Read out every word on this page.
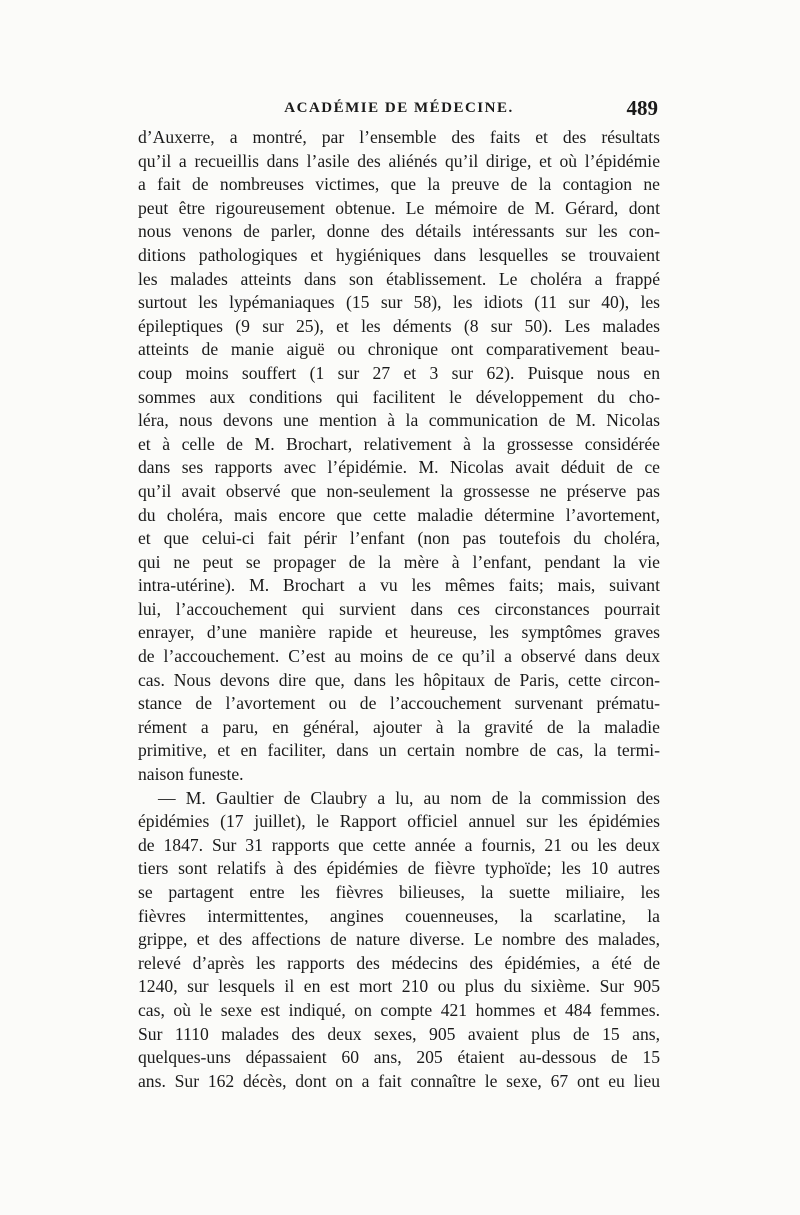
ACADÉMIE DE MÉDECINE.	489
d’Auxerre, a montré, par l’ensemble des faits et des résultats
qu’il a recueillis dans l’asile des aliénés qu’il dirige, et où l’épidémie
a fait de nombreuses victimes, que la preuve de la contagion ne
peut être rigoureusement obtenue. Le mémoire de M. Gérard, dont
nous venons de parler, donne des détails intéressants sur les con-
ditions pathologiques et hygiéniques dans lesquelles se trouvaient
les malades atteints dans son établissement. Le choléra a frappé
surtout les lypémaniaques (15 sur 58), les idiots (11 sur 40), les
épileptiques (9 sur 25), et les déments (8 sur 50). Les malades
atteints de manie aiguë ou chronique ont comparativement beau-
coup moins souffert (1 sur 27 et 3 sur 62). Puisque nous en
sommes aux conditions qui facilitent le développement du cho-
léra, nous devons une mention à la communication de M. Nicolas
et à celle de M. Brochart, relativement à la grossesse considérée
dans ses rapports avec l’épidémie. M. Nicolas avait déduit de ce
qu’il avait observé que non-seulement la grossesse ne préserve pas
du choléra, mais encore que cette maladie détermine l’avortement,
et que celui-ci fait périr l’enfant (non pas toutefois du choléra,
qui ne peut se propager de la mère à l’enfant, pendant la vie
intra-utérine). M. Brochart a vu les mêmes faits; mais, suivant
lui, l’accouchement qui survient dans ces circonstances pourrait
enrayer, d’une manière rapide et heureuse, les symptômes graves
de l’accouchement. C’est au moins de ce qu’il a observé dans deux
cas. Nous devons dire que, dans les hôpitaux de Paris, cette circon-
stance de l’avortement ou de l’accouchement survenant prématu-
rément a paru, en général, ajouter à la gravité de la maladie
primitive, et en faciliter, dans un certain nombre de cas, la termi-
naison funeste.
— M. Gaultier de Claubry a lu, au nom de la commission des
épidémies (17 juillet), le Rapport officiel annuel sur les épidémies
de 1847. Sur 31 rapports que cette année a fournis, 21 ou les deux
tiers sont relatifs à des épidémies de fièvre typhoïde; les 10 autres
se partagent entre les fièvres bilieuses, la suette miliaire, les
fièvres intermittentes, angines couenneuses, la scarlatine, la
grippe, et des affections de nature diverse. Le nombre des malades,
relevé d’après les rapports des médecins des épidémies, a été de
1240, sur lesquels il en est mort 210 ou plus du sixième. Sur 905
cas, où le sexe est indiqué, on compte 421 hommes et 484 femmes.
Sur 1110 malades des deux sexes, 905 avaient plus de 15 ans,
quelques-uns dépassaient 60 ans, 205 étaient au-dessous de 15
ans. Sur 162 décès, dont on a fait connaître le sexe, 67 ont eu lieu
